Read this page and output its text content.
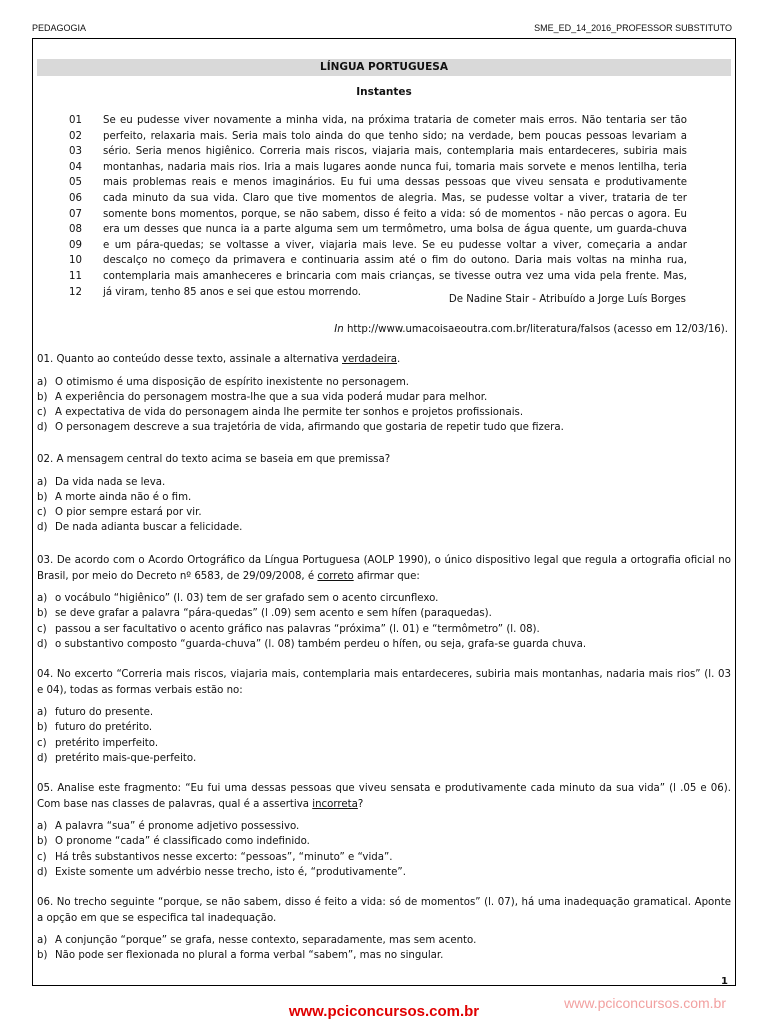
PEDAGOGIA	SME_ED_14_2016_PROFESSOR SUBSTITUTO
LÍNGUA PORTUGUESA
Instantes
01 Se eu pudesse viver novamente a minha vida, na próxima trataria de cometer mais erros. Não tentaria ser tão
02 perfeito, relaxaria mais. Seria mais tolo ainda do que tenho sido; na verdade, bem poucas pessoas levariam a
03 sério. Seria menos higiênico. Correria mais riscos, viajaria mais, contemplaria mais entardeceres, subiria mais
04 montanhas, nadaria mais rios. Iria a mais lugares aonde nunca fui, tomaria mais sorvete e menos lentilha, teria
05 mais problemas reais e menos imaginários. Eu fui uma dessas pessoas que viveu sensata e produtivamente
06 cada minuto da sua vida. Claro que tive momentos de alegria. Mas, se pudesse voltar a viver, trataria de ter
07 somente bons momentos, porque, se não sabem, disso é feito a vida: só de momentos - não percas o agora. Eu
08 era um desses que nunca ia a parte alguma sem um termômetro, uma bolsa de água quente, um guarda-chuva
09 e um pára-quedas; se voltasse a viver, viajaria mais leve. Se eu pudesse voltar a viver, começaria a andar
10 descalço no começo da primavera e continuaria assim até o fim do outono. Daria mais voltas na minha rua,
11 contemplaria mais amanheceres e brincaria com mais crianças, se tivesse outra vez uma vida pela frente. Mas,
12 já viram, tenho 85 anos e sei que estou morrendo.
De Nadine Stair - Atribuído a Jorge Luís Borges
In http://www.umacoisaeoutra.com.br/literatura/falsos (acesso em 12/03/16).
01. Quanto ao conteúdo desse texto, assinale a alternativa verdadeira.
a) O otimismo é uma disposição de espírito inexistente no personagem.
b) A experiência do personagem mostra-lhe que a sua vida poderá mudar para melhor.
c) A expectativa de vida do personagem ainda lhe permite ter sonhos e projetos profissionais.
d) O personagem descreve a sua trajetória de vida, afirmando que gostaria de repetir tudo que fizera.
02. A mensagem central do texto acima se baseia em que premissa?
a) Da vida nada se leva.
b) A morte ainda não é o fim.
c) O pior sempre estará por vir.
d) De nada adianta buscar a felicidade.
03. De acordo com o Acordo Ortográfico da Língua Portuguesa (AOLP 1990), o único dispositivo legal que regula a ortografia oficial no Brasil, por meio do Decreto nº 6583, de 29/09/2008, é correto afirmar que:
a) o vocábulo “higiênico” (l. 03) tem de ser grafado sem o acento circunflexo.
b) se deve grafar a palavra “pára-quedas” (l .09) sem acento e sem hífen (paraquedas).
c) passou a ser facultativo o acento gráfico nas palavras “próxima” (l. 01) e “termômetro” (l. 08).
d) o substantivo composto “guarda-chuva” (l. 08) também perdeu o hífen, ou seja, grafa-se guarda chuva.
04. No excerto “Correria mais riscos, viajaria mais, contemplaria mais entardeceres, subiria mais montanhas, nadaria mais rios” (l. 03 e 04), todas as formas verbais estão no:
a) futuro do presente.
b) futuro do pretérito.
c) pretérito imperfeito.
d) pretérito mais-que-perfeito.
05. Analise este fragmento: “Eu fui uma dessas pessoas que viveu sensata e produtivamente cada minuto da sua vida” (l .05 e 06). Com base nas classes de palavras, qual é a assertiva incorreta?
a) A palavra “sua” é pronome adjetivo possessivo.
b) O pronome “cada” é classificado como indefinido.
c) Há três substantivos nesse excerto: “pessoas”, “minuto” e “vida”.
d) Existe somente um advérbio nesse trecho, isto é, “produtivamente”.
06. No trecho seguinte “porque, se não sabem, disso é feito a vida: só de momentos” (l. 07), há uma inadequação gramatical. Aponte a opção em que se especifica tal inadequação.
a) A conjunção “porque” se grafa, nesse contexto, separadamente, mas sem acento.
b) Não pode ser flexionada no plural a forma verbal “sabem”, mas no singular.
1
www.pciconcursos.com.br
www.pciconcursos.com.br
